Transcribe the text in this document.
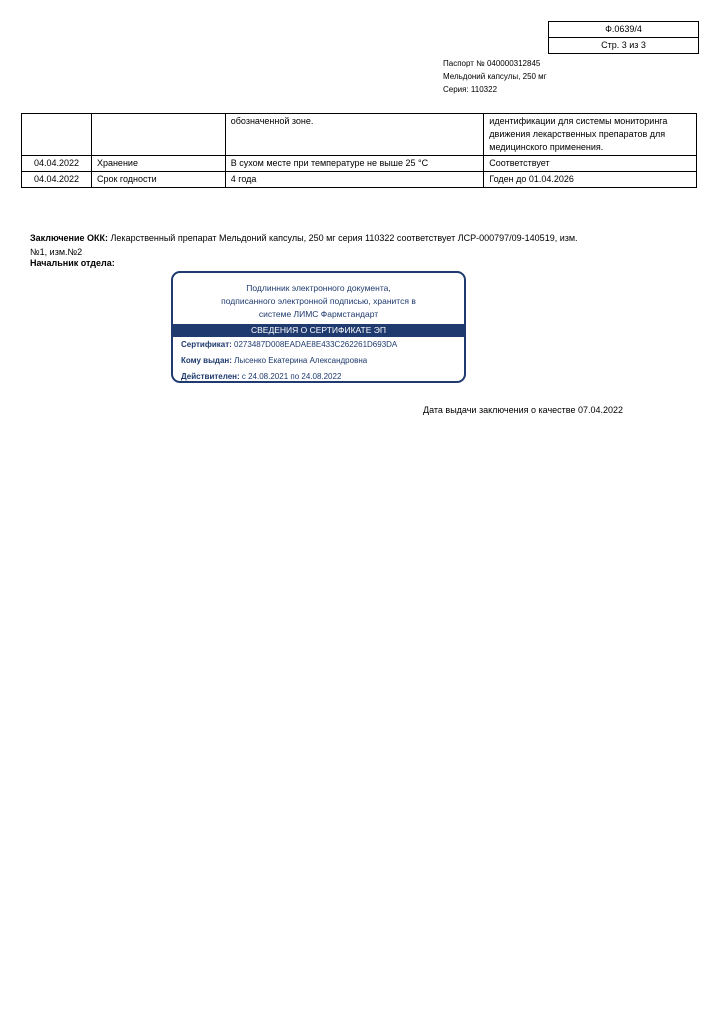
Ф.0639/4
Стр. 3 из 3
Паспорт № 040000312845
Мельдоний капсулы, 250 мг
Серия: 110322
		обозначенной зоне.	идентификации для системы мониторинга движения лекарственных препаратов для медицинского применения.
04.04.2022	Хранение	В сухом месте при температуре не выше 25 °С	Соответствует
04.04.2022	Срок годности	4 года	Годен до 01.04.2026
Заключение ОКК: Лекарственный препарат Мельдоний капсулы, 250 мг серия 110322 соответствует ЛСР-000797/09-140519, изм.№1, изм.№2
Начальник отдела:
Подлинник электронного документа,
подписанного электронной подписью, хранится в
системе ЛИМС Фармстандарт
СВЕДЕНИЯ О СЕРТИФИКАТЕ ЭП
Сертификат: 0273487D008EADAE8E433C262261D693DA
Кому выдан: Лысенко Екатерина Александровна
Действителен: с 24.08.2021 по 24.08.2022
Дата выдачи заключения о качестве 07.04.2022
